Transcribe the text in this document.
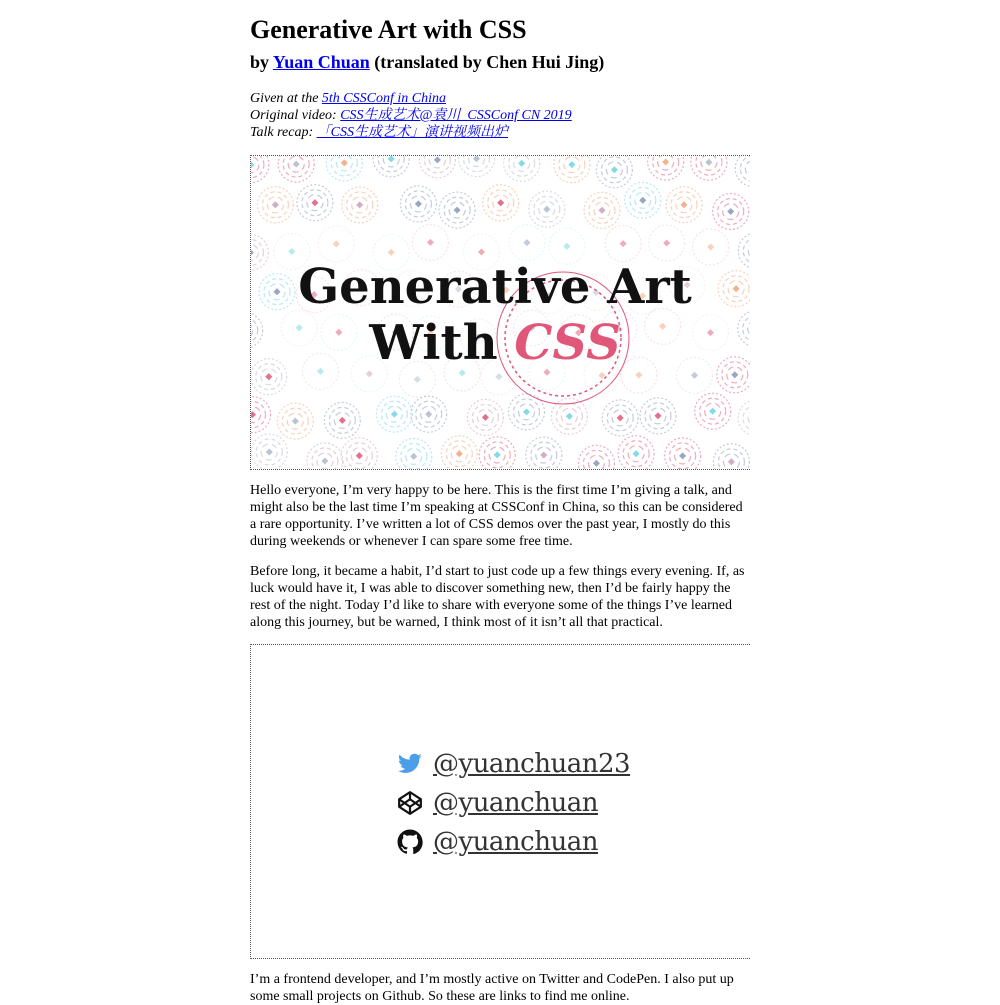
Generative Art with CSS

by Yuan Chuan (translated by Chen Hui Jing)

Given at the 5th CSSConf in China
Original video: CSS生成艺术@袁川_CSSConf CN 2019
Talk recap: 「CSS生成艺术」演讲视频出炉
Generative Art
With CSS

Hello everyone, I’m very happy to be here. This is the first time I’m giving a talk, and might also be the last time I’m speaking at CSSConf in China, so this can be considered a rare opportunity. I’ve written a lot of CSS demos over the past year, I mostly do this during weekends or whenever I can spare some free time.

Before long, it became a habit, I’d start to just code up a few things every evening. If, as luck would have it, I was able to discover something new, then I’d be fairly happy the rest of the night. Today I’d like to share with everyone some of the things I’ve learned along this journey, but be warned, I think most of it isn’t all that practical.

@yuanchuan23
@yuanchuan
@yuanchuan

I’m a frontend developer, and I’m mostly active on Twitter and CodePen. I also put up some small projects on Github. So these are links to find me online.
